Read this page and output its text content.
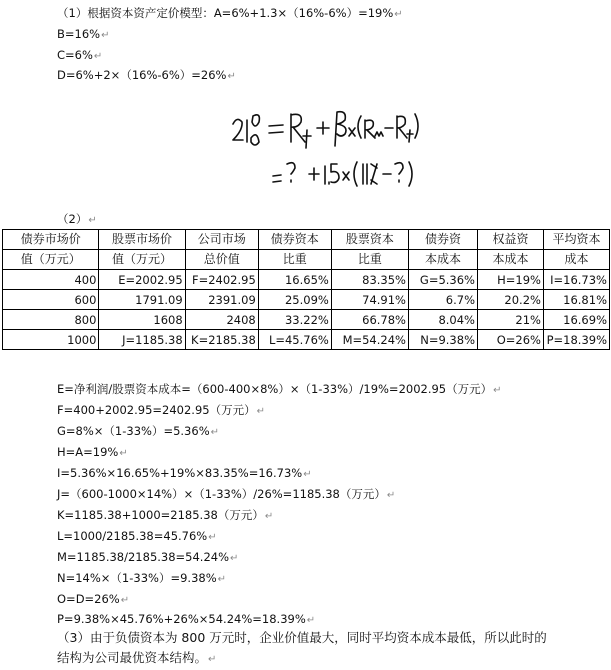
（1）根据资本资产定价模型：A=6%+1.3×（16%-6%）=19%↵
B=16%↵
C=6%↵
D=6%+2×（16%-6%）=26%↵
（2）↵
债券市场价	股票市场价	公司市场	债券资本	股票资本	债券资	权益资	平均资本
值（万元）	值（万元）	总价值	比重	比重	本成本	本成本	成本
400	E=2002.95	F=2402.95	16.65%	83.35%	G=5.36%	H=19%	I=16.73%
600	1791.09	2391.09	25.09%	74.91%	6.7%	20.2%	16.81%
800	1608	2408	33.22%	66.78%	8.04%	21%	16.69%
1000	J=1185.38	K=2185.38	L=45.76%	M=54.24%	N=9.38%	O=26%	P=18.39%
E=净利润/股票资本成本=（600-400×8%）×（1-33%）/19%=2002.95（万元）↵
F=400+2002.95=2402.95（万元）↵
G=8%×（1-33%）=5.36%↵
H=A=19%↵
I=5.36%×16.65%+19%×83.35%=16.73%↵
J=（600-1000×14%）×（1-33%）/26%=1185.38（万元）↵
K=1185.38+1000=2185.38（万元）↵
L=1000/2185.38=45.76%↵
M=1185.38/2185.38=54.24%↵
N=14%×（1-33%）=9.38%↵
O=D=26%↵
P=9.38%×45.76%+26%×54.24%=18.39%↵
（3）由于负债资本为 800 万元时，企业价值最大，同时平均资本成本最低，所以此时的
结构为公司最优资本结构。↵
